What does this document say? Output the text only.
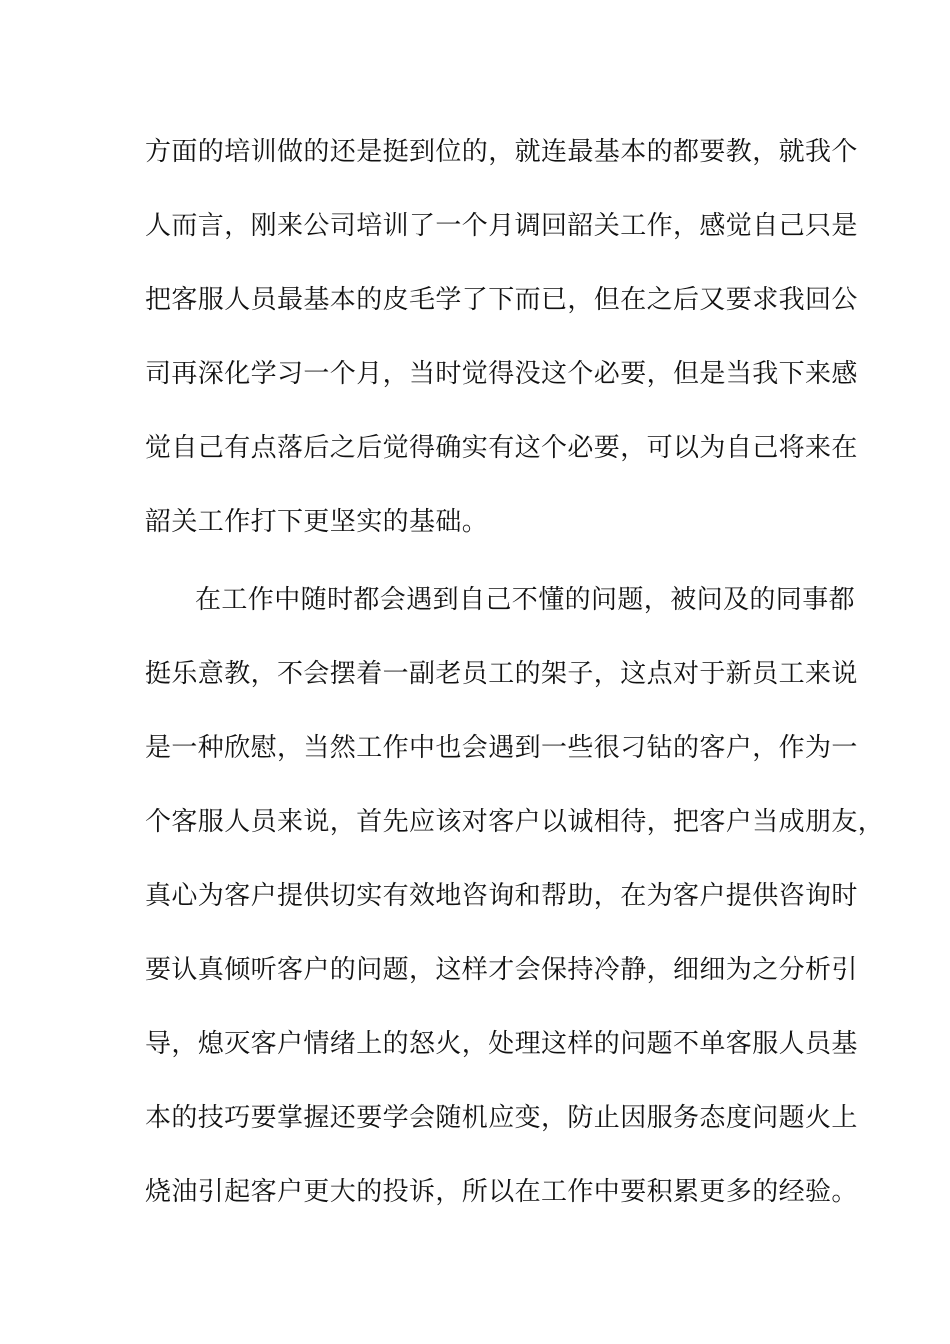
方面的培训做的还是挺到位的，就连最基本的都要教，就我个
人而言，刚来公司培训了一个月调回韶关工作，感觉自己只是
把客服人员最基本的皮毛学了下而已，但在之后又要求我回公
司再深化学习一个月，当时觉得没这个必要，但是当我下来感
觉自己有点落后之后觉得确实有这个必要，可以为自己将来在
韶关工作打下更坚实的基础。
在工作中随时都会遇到自己不懂的问题，被问及的同事都
挺乐意教，不会摆着一副老员工的架子，这点对于新员工来说
是一种欣慰，当然工作中也会遇到一些很刁钻的客户，作为一
个客服人员来说，首先应该对客户以诚相待，把客户当成朋友，
真心为客户提供切实有效地咨询和帮助，在为客户提供咨询时
要认真倾听客户的问题，这样才会保持冷静，细细为之分析引
导，熄灭客户情绪上的怒火，处理这样的问题不单客服人员基
本的技巧要掌握还要学会随机应变，防止因服务态度问题火上
烧油引起客户更大的投诉，所以在工作中要积累更多的经验。
